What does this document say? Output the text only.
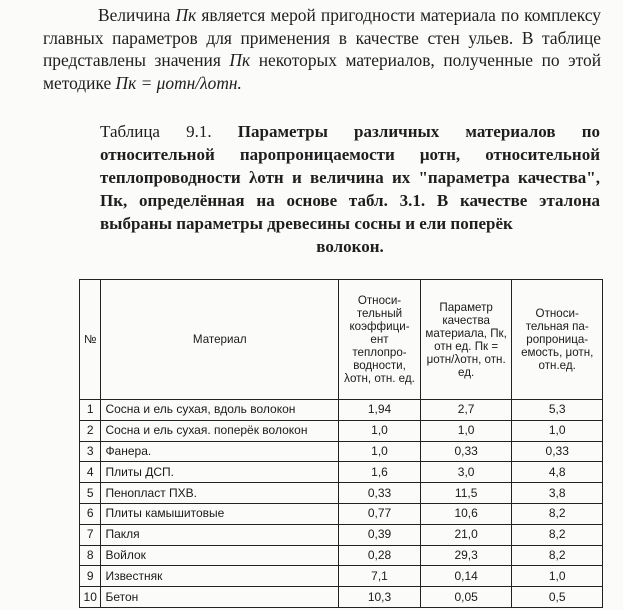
Величина Пк является мерой пригодности материала по комплексу главных параметров для применения в качестве стен ульев. В таблице представлены значения Пк некоторых материалов, полученные по этой методике Пк = μотн/λотн.
Таблица 9.1. Параметры различных материалов по относительной паропроницаемости μотн, относительной теплопроводности λотн и величина их "параметра качества", Пк, определённая на основе табл. 3.1. В качестве эталона выбраны параметры древесины сосны и ели поперёк
волокон.
№	Материал	Относи-тельный коэффици-ент теплопро-водности, λотн, отн. ед.	Параметр качества материала, Пк, отн ед. Пк = μотн/λотн, отн. ед.	Относи-тельная па-ропроница-емость, μотн, отн.ед.
1	Сосна и ель сухая, вдоль волокон	1,94	2,7	5,3
2	Сосна и ель сухая. поперёк волокон	1,0	1,0	1,0
3	Фанера.	1,0	0,33	0,33
4	Плиты ДСП.	1,6	3,0	4,8
5	Пенопласт ПХВ.	0,33	11,5	3,8
6	Плиты камышитовые	0,77	10,6	8,2
7	Пакля	0,39	21,0	8,2
8	Войлок	0,28	29,3	8,2
9	Известняк	7,1	0,14	1,0
10	Бетон	10,3	0,05	0,5
